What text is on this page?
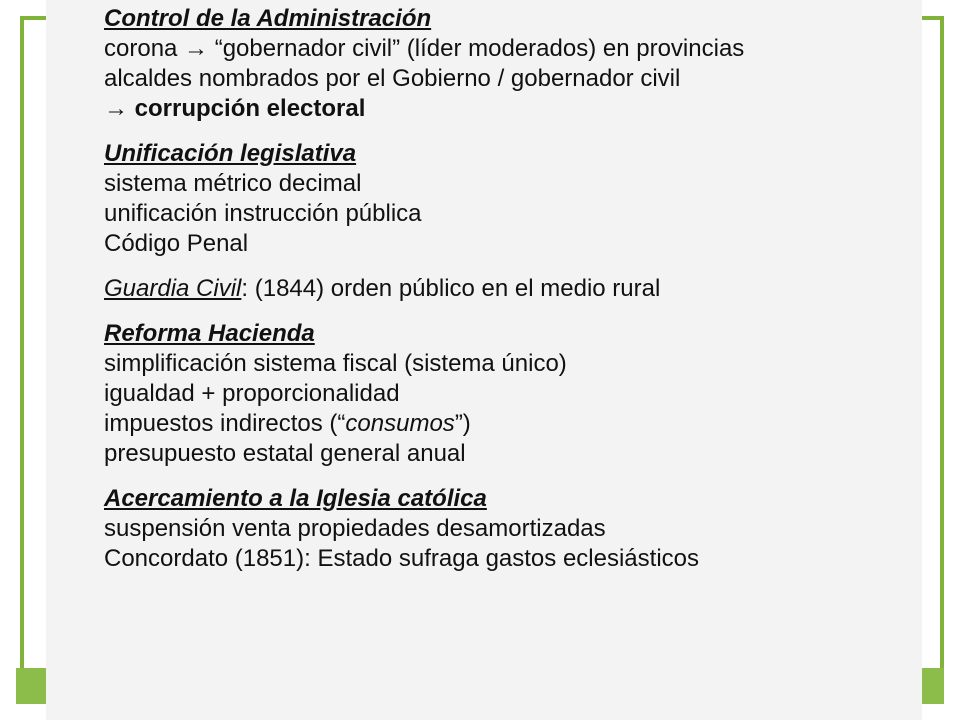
Control de la Administración
corona → “gobernador civil” (líder moderados) en provincias
alcaldes nombrados por el Gobierno / gobernador civil
→ corrupción electoral
Unificación legislativa
sistema métrico decimal
unificación instrucción pública
Código Penal
Guardia Civil: (1844) orden público en el medio rural
Reforma Hacienda
simplificación sistema fiscal (sistema único)
igualdad + proporcionalidad
impuestos indirectos (“consumos”)
presupuesto estatal general anual
Acercamiento a la Iglesia católica
suspensión venta propiedades desamortizadas
Concordato (1851): Estado sufraga gastos eclesiásticos
